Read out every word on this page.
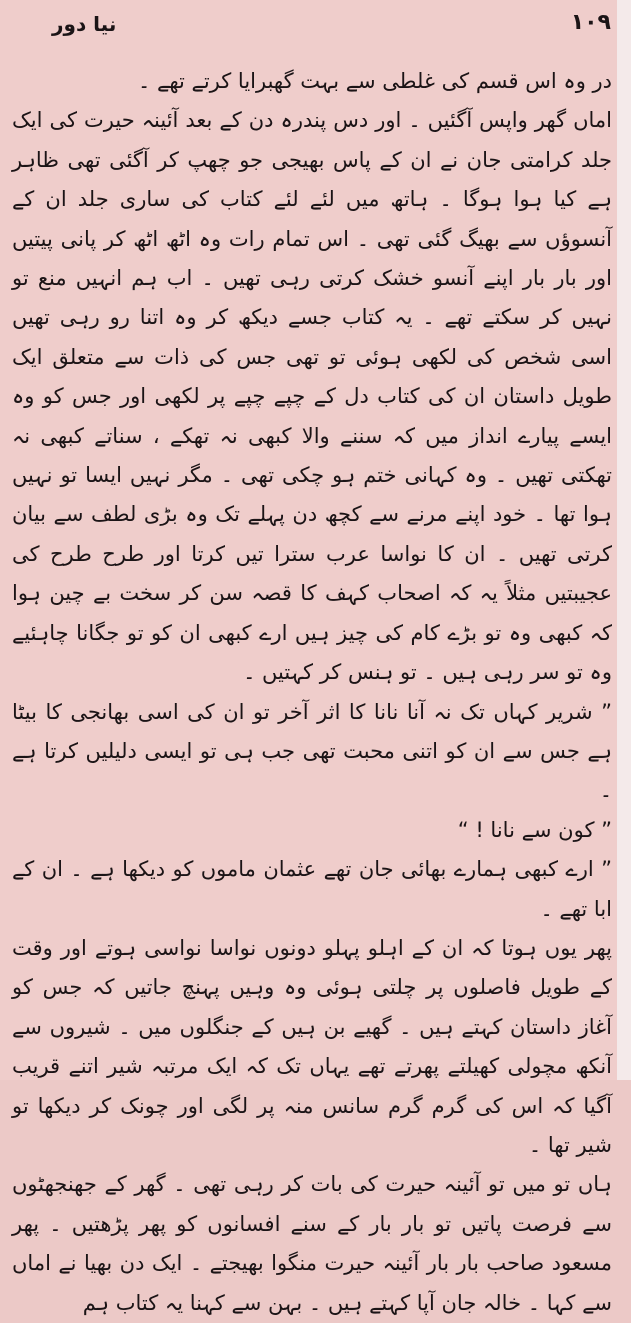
نیا دور	۱۰۹

در وہ اس قسم کی غلطی سے بہت گھبرایا کرتے تھے ۔

اماں گھر واپس آگئیں ۔ اور دس پندرہ دن کے بعد آئینہ حیرت کی ایک جلد کرامتی جان نے ان کے پاس بھیجی جو چھپ کر آگئی تھی ظاہر ہے کیا ہوا ہوگا ۔ ہاتھ میں لئے لئے کتاب کی ساری جلد ان کے آنسوؤں سے بھیگ گئی تھی ۔ اس تمام رات وہ اٹھ اٹھ کر پانی پیتیں اور بار بار اپنے آنسو خشک کرتی رہی تھیں ۔ اب ہم انہیں منع تو نہیں کر سکتے تھے ۔ یہ کتاب جسے دیکھ کر وہ اتنا رو رہی تھیں اسی شخص کی لکھی ہوئی تو تھی جس کی ذات سے متعلق ایک طویل داستان ان کی کتاب دل کے چپے چپے پر لکھی اور جس کو وہ ایسے پیارے انداز میں کہ سننے والا کبھی نہ تھکے ، سناتے کبھی نہ تھکتی تھیں ۔ وہ کہانی ختم ہو چکی تھی ۔ مگر نہیں ایسا تو نہیں ہوا تھا ۔ خود اپنے مرنے سے کچھ دن پہلے تک وہ بڑی لطف سے بیان کرتی تھیں ۔ ان کا نواسا عرب سترا تیں کرتا اور طرح طرح کی عجیبتیں مثلاً یہ کہ اصحاب کہف کا قصہ سن کر سخت بے چین ہوا کہ کبھی وہ تو بڑے کام کی چیز ہیں ارے کبھی ان کو تو جگانا چاہئیے وہ تو سر رہی ہیں ۔ تو ہنس کر کہتیں ۔

” شریر کہاں تک نہ آنا نانا کا اثر آخر تو ان کی اسی بھانجی کا بیٹا ہے جس سے ان کو اتنی محبت تھی جب ہی تو ایسی دلیلیں کرتا ہے ۔

” کون سے نانا ! “

” ارے کبھی ہمارے بھائی جان تھے عثمان ماموں کو دیکھا ہے ۔ ان کے ابا تھے ۔

پھر یوں ہوتا کہ ان کے اہلو پہلو دونوں نواسا نواسی ہوتے اور وقت کے طویل فاصلوں پر چلتی ہوئی وہ وہیں پہنچ جاتیں کہ جس کو آغاز داستان کہتے ہیں ۔ گھیے بن ہیں کے جنگلوں میں ۔ شیروں سے آنکھ مچولی کھیلتے پھرتے تھے یہاں تک کہ ایک مرتبہ شیر اتنے قریب آگیا کہ اس کی گرم گرم سانس منہ پر لگی اور چونک کر دیکھا تو شیر تھا ۔

ہاں تو میں تو آئینہ حیرت کی بات کر رہی تھی ۔ گھر کے جھنجھٹوں سے فرصت پاتیں تو بار بار کے سنے افسانوں کو پھر پڑھتیں ۔ پھر مسعود صاحب بار بار آئینہ حیرت منگوا بھیجتے ۔ ایک دن بھیا نے اماں سے کہا ۔ خالہ جان آپا کہتے ہیں ۔ بہن سے کہنا یہ کتاب ہم
